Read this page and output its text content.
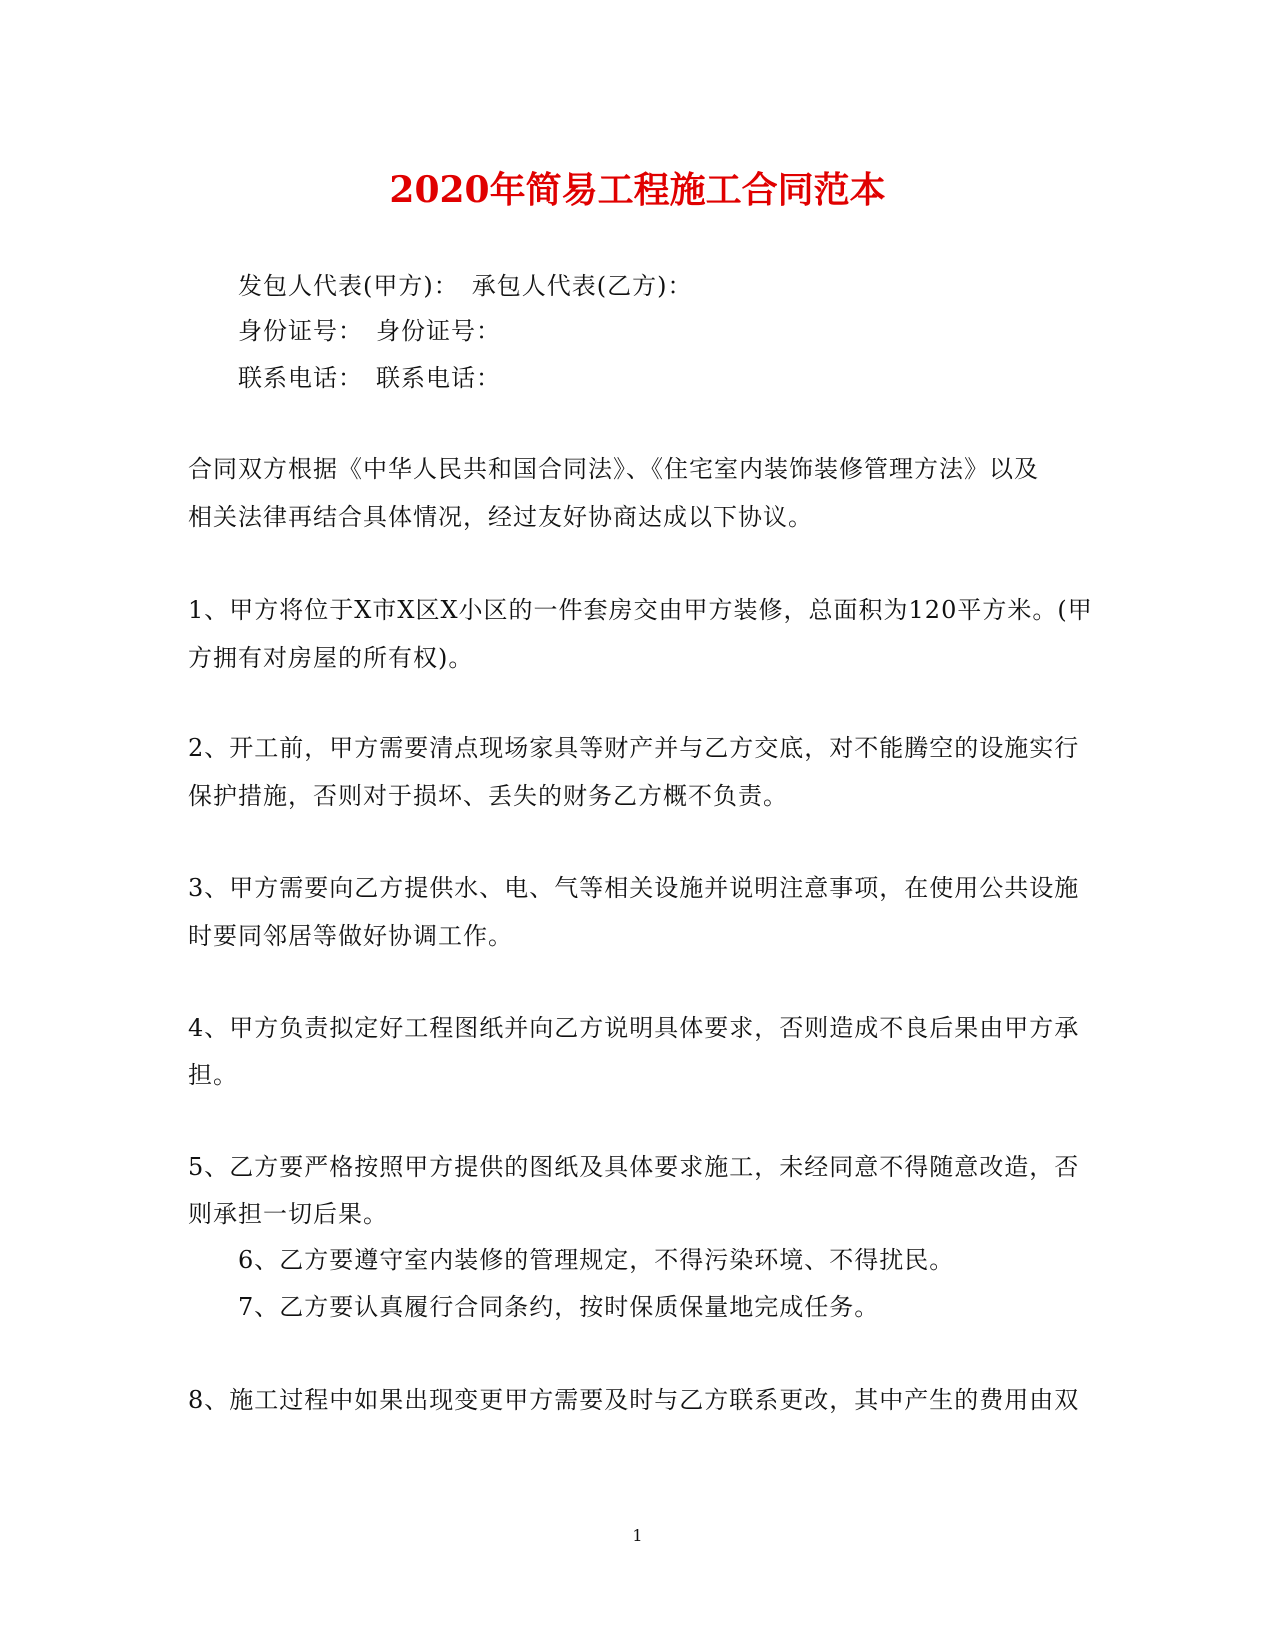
2020年简易工程施工合同范本
发包人代表(甲方)：　承包人代表(乙方)：
身份证号：　身份证号：
联系电话：　联系电话：
合同双方根据《中华人民共和国合同法》、《住宅室内装饰装修管理方法》以及
相关法律再结合具体情况，经过友好协商达成以下协议。
1、甲方将位于X市X区X小区的一件套房交由甲方装修，总面积为120平方米。(甲
方拥有对房屋的所有权)。
2、开工前，甲方需要清点现场家具等财产并与乙方交底，对不能腾空的设施实行
保护措施，否则对于损坏、丢失的财务乙方概不负责。
3、甲方需要向乙方提供水、电、气等相关设施并说明注意事项，在使用公共设施
时要同邻居等做好协调工作。
4、甲方负责拟定好工程图纸并向乙方说明具体要求，否则造成不良后果由甲方承
担。
5、乙方要严格按照甲方提供的图纸及具体要求施工，未经同意不得随意改造，否
则承担一切后果。
6、乙方要遵守室内装修的管理规定，不得污染环境、不得扰民。
7、乙方要认真履行合同条约，按时保质保量地完成任务。
8、施工过程中如果出现变更甲方需要及时与乙方联系更改，其中产生的费用由双
1
